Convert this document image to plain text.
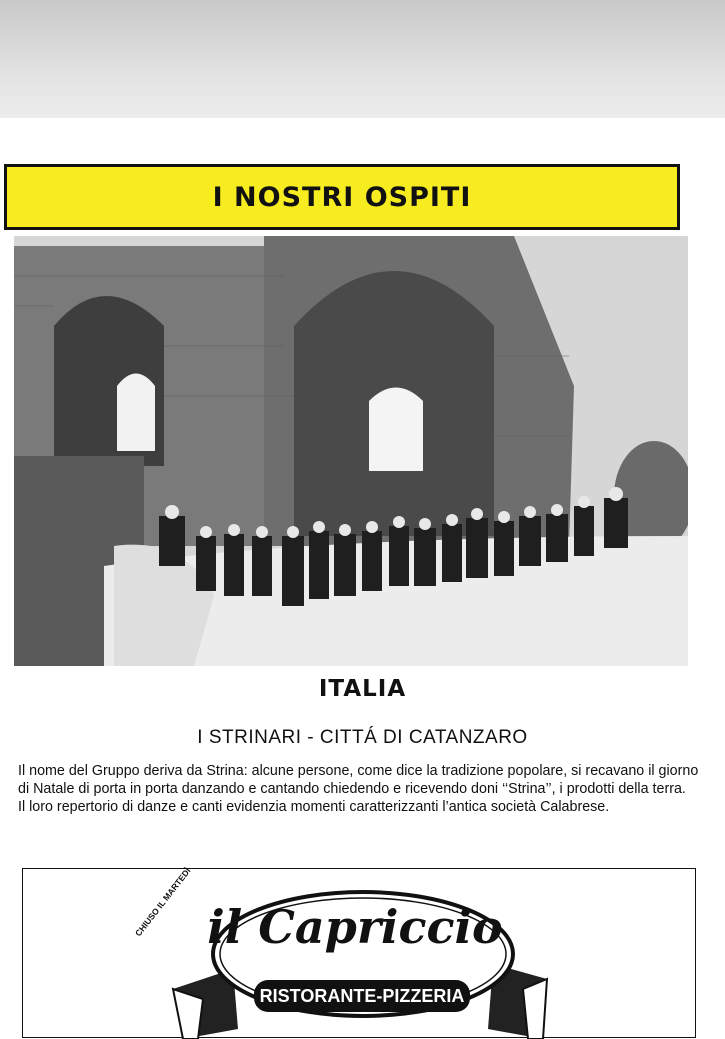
I NOSTRI OSPITI
ITALIA
I STRINARI - CITTÁ DI CATANZARO

Il nome del Gruppo deriva da Strina: alcune persone, come dice la tradizione popolare, si recavano il giorno di Natale di porta in porta danzando e cantando chiedendo e ricevendo doni ‘‘Strina’’, i prodotti della terra.

Il loro repertorio di danze e canti evidenzia momenti caratterizzanti l’antica società Calabrese.

CHIUSO IL MARTEDÌ il Capriccio
RISTORANTE-PIZZERIA
